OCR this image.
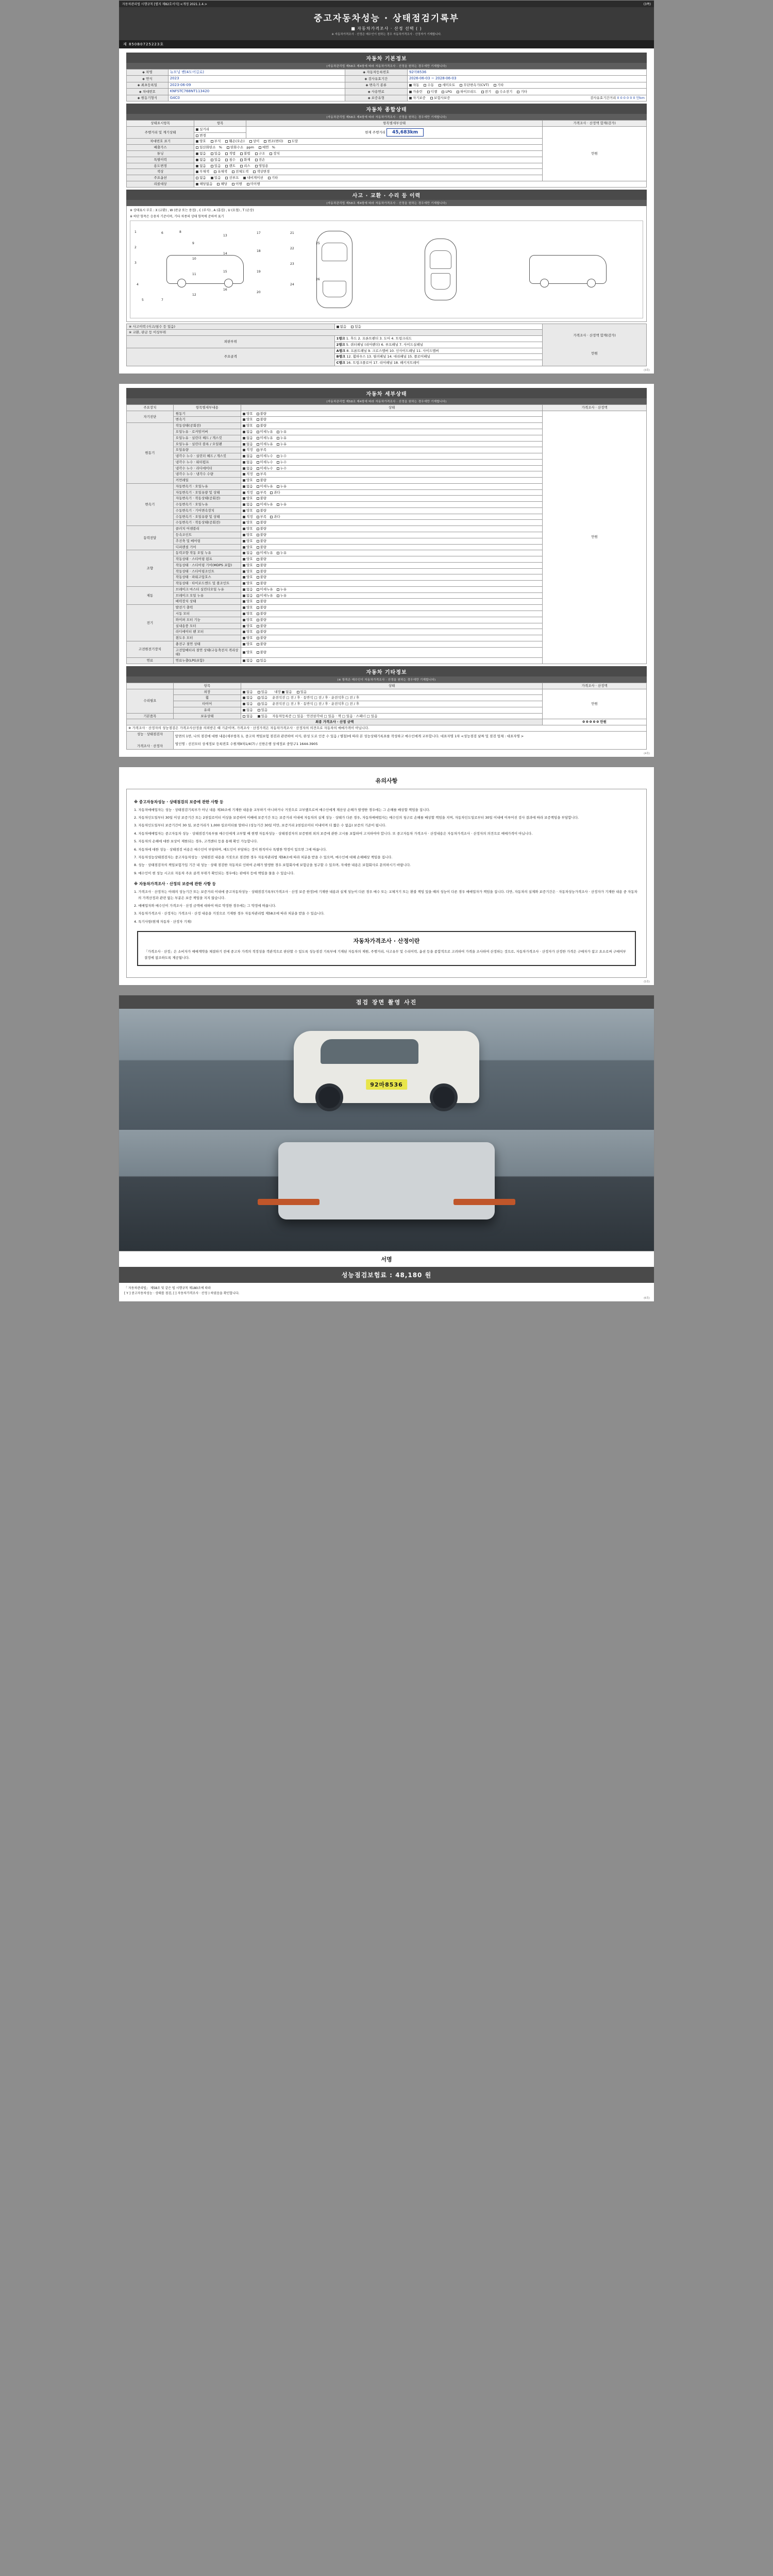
자동차관리법 시행규칙 [별지 제82호서식] <개정 2021.1.4.>	(3쪽)
중고자동차성능 · 상태점검기록부
■ 자동차가격조사 · 산정 선택 ( )
※ 자동차가격조사 · 산정은 매수인이 원하는 경우 자동차가격조사 · 산정자가 기재합니다.
제 850B0725223호
자동차 기본정보
(자동차관리법 제58조 제4항에 따라 자동차가격조사 · 산정을 원하는 경우에만 기재합니다)
◈ 차명	뉴모닝 밴(4도어길로)	◈ 자동차등록번호	92마8536
◈ 연식	2023	◈ 검사유효기간	2026-06-03 ~ 2028-06-03
◈ 최초등록일	2023-06-09	◈ 변속기 종류	자동 수동 세미오토 무단변속기(CVT) 기타
◈ 차대번호	KNFSTC768NT113420	◈ 사용연료	가솔린 디젤 LPG 하이브리드 전기 수소전기 기타
◈ 원동기형식	G4C0	◈ 보증유형	자기보증 보험사보증 검사유효기간거리 0 0 0 0 0 0 만km
자동차 종합상태
(자동차관리법 제58조 제4항에 따라 자동차가격조사 · 산정을 원하는 경우에만 기재합니다)
상태표시항목	항목	항목별세부상태	가격조사 · 산정액 합계(감가)
주행거리 및 계기상태	실거리	현재 주행거리 45,683km	만원
	변경		
차대번호 표기	양호 부식 훼손(오손) 상이 변조(변타) 도말		
배출가스	일산화탄소 % 탄화수소 ppm 매연 %		
튜닝	없음 있음 적법 불법 구조 장치		
특별이력	없음 있음 침수 화재 전손		
용도변경	없음 있음 렌트 리스 영업용		
색상	무채색 유채색 전체도색 색상변경		
주요옵션	없음 있음 선루프 내비게이션 기타		
리콜대상	해당없음 해당 이행 미이행		
사고 · 교환 · 수리 등 이력
(자동차관리법 제58조 제4항에 따라 자동차가격조사 · 산정을 원하는 경우에만 기재합니다)
※ 상태표시 부호 : X (교환) , W (판금 또는 용접) , C (부식) , A (흠집) , U (요철) , T (손상)
※ 하단 항목은 승용차 기준이며, 기타 차종의 상태 항목에 준하여 표기
1
2
3
4
5
6
7
8
9
10
11
12
13
14
15
16
17
18
19
20
21
22
23
24
25
26
※ 사고이력 (사고/침수 등 있음)	없음 있음	가격조사 · 산정액 합계(감가)
만원

※ 교환, 판금 등 이상부위		
외판부위	1랭크 1. 후드 2. 프론트펜더 3. 도어 4. 트렁크리드	
	2랭크 5. 쿼터패널 (리어펜더) 6. 루프패널 7. 사이드실패널	
주요골격	A랭크 8. 프론트패널 9. 크로스멤버 10. 인사이드패널 11. 사이드멤버	
	B랭크 12. 휠하우스 13. 필러패널 14. 대쉬패널 15. 플로어패널	
	C랭크 16. 트렁크플로어 17. 리어패널 18. 패키지트레이	
(3쪽)
자동차 세부상태
(자동차관리법 제58조 제4항에 따라 자동차가격조사 · 산정을 원하는 경우에만 기재합니다)
주요장치	항목별세부내용	상태	가격조사 · 산정액
자기진단	원동기	양호 불량	만원
	변속기	양호 불량	
원동기	작동상태(공회전)	양호 불량	
	오일누유 · 로커암커버	없음 미세누유 누유	
	오일누유 · 실린더 헤드 / 개스킷	없음 미세누유 누유	
	오일누유 · 실린더 블록 / 오일팬	없음 미세누유 누유	
	오일유량	적정 부족	
	냉각수 누수 · 실린더 헤드 / 개스킷	없음 미세누수 누수	
	냉각수 누수 · 워터펌프	없음 미세누수 누수	
	냉각수 누수 · 라디에이터	없음 미세누수 누수	
	냉각수 누수 · 냉각수 수량	적정 부족	
	커먼레일	양호 불량	
변속기	자동변속기 · 오일누유	없음 미세누유 누유	
	자동변속기 · 오일유량 및 상태	적정 부족 과다	
	자동변속기 · 작동상태(공회전)	양호 불량	
	수동변속기 · 오일누유	없음 미세누유 누유	
	수동변속기 · 기어변속장치	양호 불량	
	수동변속기 · 오일유량 및 상태	적정 부족 과다	
	수동변속기 · 작동상태(공회전)	양호 불량	
동력전달	클러치 어셈블리	양호 불량	
	등속조인트	양호 불량	
	추진축 및 베어링	양호 불량	
	디퍼렌셜 기어	양호 불량	
조향	동력조향 작동 오일 누유	없음 미세누유 누유	
	작동상태 · 스티어링 펌프	양호 불량	
	작동상태 · 스티어링 기어(MDPS 포함)	양호 불량	
	작동상태 · 스티어링조인트	양호 불량	
	작동상태 · 파워고압호스	양호 불량	
	작동상태 · 타이로드엔드 및 볼조인트	양호 불량	
제동	브레이크 마스터 실린더오일 누유	없음 미세누유 누유	
	브레이크 오일 누유	없음 미세누유 누유	
	배력장치 상태	양호 불량	
전기	발전기 출력	양호 불량	
	시동 모터	양호 불량	
	와이퍼 모터 기능	양호 불량	
	실내송풍 모터	양호 불량	
	라디에이터 팬 모터	양호 불량	
	윈도우 모터	양호 불량	
고전원전기장치	충전구 절연 상태	양호 불량	
	고전압배터리 절연 상태(구동축전지 격리상태)	양호 불량	
연료	연료누출(LPG포함)	없음 있음	
자동차 기타정보
(※ 항목은 매수인이 자동차가격조사 · 산정을 원하는 경우에만 기재합니다)
	항목	상태	가격조사 · 산정액
수리필요	외장	없음 있음 내장 없음 있음	만원

	휠	없음 있음 운전석전 □ 전 / 후 · 동반석 □ 전 / 후 · 운전석후 □ 전 / 후	
	타이어	없음 있음 운전석전 □ 전 / 후 · 동반석 □ 전 / 후 · 운전석후 □ 전 / 후	
	유리	없음 있음	
기본품목	보유상태	없음 있음 자동차등록증 □ 있음 · 안전삼각대 □ 있음 · 잭 □ 있음 · 스패너 □ 있음	
최종 가격조사 · 산정 금액			0 0 0 0 0 만원
※ 가격조사 · 산정자의 성능점검은 가격조사산정을 의뢰받은 때 기준이며, 가격조사 · 산정가격은 자동차가격조사 · 산정자의 의견으로 자동차의 매매가격이 아닙니다.			

성능 · 상태점검자
가격조사 · 산정자

앞면의 1번, 나의 점검에 대한 내용(세부항목 1, 중고차 책임보험 점검과 관련하여 서식, 완성 도로 인증 수 있음 / 별첨)에 따라 본 성능상태기록표를 작성하고 매수인에게 교부합니다. 대표자명 1차 <성능점검 날짜 및 점검 업체 : 대표자명 >
법인명 : 선진모터 상세정보 등록번호 수원제9차1/4(7) / 신한은행 상세정보 중앙구1 1644-3905
(4쪽)
유의사항
※ 중고자동차성능 · 상태점검의 보증에 관한 사항 등
1. 자동차매매업자는 성능 · 상태점검기록부가 아닌 내용 제30조에 기재한 내용을 교부하기 아니하거나 거짓으로 교부했으로써 매수인에게 재산상 손해가 발생한 경우에는 그 손해를 배상할 책임을 집니다.
2. 자동차인도일부터 30일 이상 보증기간 또는 2천킬로미터 이상을 보증하여 이때에 보증기간 또는 보증거리 이내에 자동차의 실제 성능 · 상태가 다른 경우, 자동차매매업자는 매수인의 청구로 손해를 배상할 책임을 지며, 자동차인도일로부터 30일 이내에 이루어진 검사 결과에 따라 보증책임을 부담합니다.
3. 자동차인도일부터 보증기간이 30 일, 보증거리가 1,000 킬로미터를 말하나 (성능기간 30일 미만, 보증거리 2천킬로미터 이내이며 더 짧은 수 없음) 보증의 기준이 됩니다.
4. 자동차매매업자는 중고자동차 성능 · 상태점검기록부를 매수인에게 교부할 때 현행 자동차성능 · 상태점검자의 보증범위 외의 보증에 관한 고시를 포함하여 고지하여야 합니다. 또 중고자동차 가격조사 · 산정내용은 자동차가격조사 · 산정자의 의견으로 매매가격이 아닙니다.
5. 자동차의 손해에 대한 보상이 제한되는 경우, 고객센터 등을 통해 확인 가능합니다.
6. 자동차에 대한 성능 · 상태점검 비용은 매수인이 부담하며, 매도인이 부담하는 것이 원칙이나 특별한 약정이 있으면 그에 따릅니다.
7. 자동차성능상태점검자는 중고자동차성능 · 상태점검 내용을 거짓으로 점검한 경우 자동차관리법 제58조에 따라 처분을 받을 수 있으며, 매수인에 대해 손해배상 책임을 집니다.
8. 성능 · 상태점검자의 책임보험가입 기간 내 성능 · 상태 점검한 자동차로 인하여 손해가 발생한 경우 보험회사에 보험금을 청구할 수 있으며, 자세한 내용은 보험회사로 문의하시기 바랍니다.
9. 매수인이 현 성능 시고로 자동차 주요 골격 부위가 확인되는 경우에는 판매자 등에 책임을 물을 수 있습니다.
※ 자동차가격조사 · 산정의 보증에 관한 사항 등
1. 가격조사 · 산정자는 아래의 성능기간 또는 보증거리 이내에 중고자동차성능 · 상태점검기록부(가격조사 · 산정 보증 한정)에 기재한 내용과 실제 성능이 다른 경우 매수 또는 교체거기 또는 환불 책임 있을 때의 성능이 다른 경우 매매업자가 책임을 집니다. 다만, 자동차의 실제와 보증기간은 · 자동차성능가격조사 · 산정자가 기재한 내용 중 자동차의 가격산정과 관련 없는 부분은 보증 책임을 지지 않습니다.
2. 매매업자와 매수인이 가격조사 · 산정 금액에 대하여 따로 약정한 경우에는 그 약정에 따릅니다.
3. 자동차가격조사 · 산정자는 가격조사 · 산정 내용을 거짓으로 기재한 경우 자동차관리법 제58조에 따라 처분을 받을 수 있습니다.
4. 특기사항(현재 자동차 · 산정자 기재)
자동차가격조사 · 산정이란
「가격조사 · 산정」은 소비자가 매매계약을 체결하기 전에 중고차 가격의 적정성을 객관적으로 판단할 수 있도록 성능점검 기록부에 기재된 자동차의 제원, 주행거리, 사고유무 및 수리이력, 옵션 등을 종합적으로 고려하여 가격을 조사하여 산정하는 것으로, 자동차가격조사 · 산정자가 산정한 가격은 구매자가 참고 요소로써 구매여부 결정에 참조하도록 제공됩니다.
(5쪽)
점검 장면 촬영 사진
92마8536
서명
성능점검보험료 : 48,180 원
「 자동차관리법」 제58조 및 같은 법 시행규칙 제180조에 따라
[ Y ] 중고자동차성능 · 상태를 점검, [ ] 자동차가격조사 · 산정 ) 하였음을 확인합니다.
(6쪽)
